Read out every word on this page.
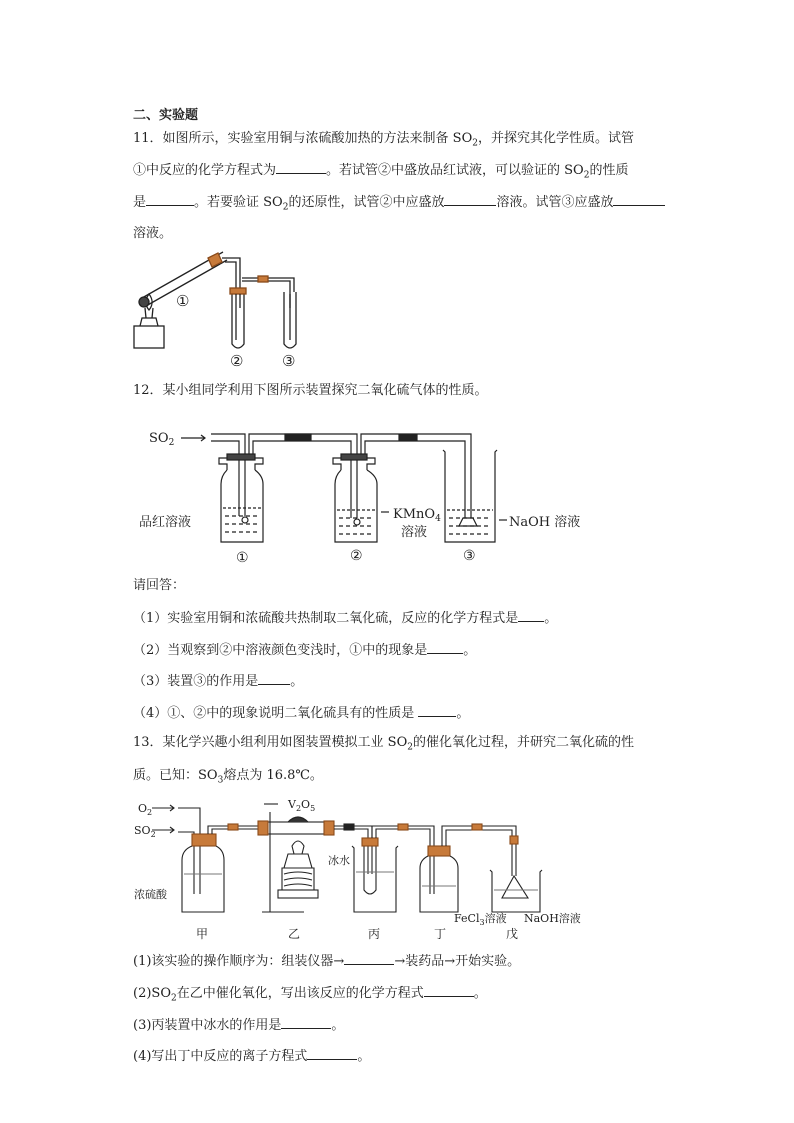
二、实验题
11．如图所示，实验室用铜与浓硫酸加热的方法来制备 $SO_2$，并探究其化学性质。试管
①中反应的化学方程式为	。若试管②中盛放品红试液，可以验证的 $SO_2$的性质
是	。若要验证 $SO_2$的还原性，试管②中应盛放	溶液。试管③应盛放
溶液。
①
②	③
12．某小组同学利用下图所示装置探究二氧化硫气体的性质。
$SO_2$
品红溶液
KMnO$_4$
溶液
NaOH 溶液
①	②	③
请回答：
（1）实验室用铜和浓硫酸共热制取二氧化硫，反应的化学方程式是 。
（2）当观察到②中溶液颜色变浅时，①中的现象是	。
（3）装置③的作用是 。
（4）①、②中的现象说明二氧化硫具有的性质是	。
13．某化学兴趣小组利用如图装置模拟工业 $SO_2$的催化氧化过程，并研究二氧化硫的性
质。已知：$SO_3$熔点为 16.8℃。
$O_2$
$SO_2$
$V_2O_5$
浓硫酸
冰水
FeCl$_3$溶液 NaOH溶液
甲	乙	丙	丁	戊
(1)该实验的操作顺序为：组装仪器→	→装药品→开始实验。
$(2)SO_2$在乙中催化氧化，写出该反应的化学方程式	。
(3)丙装置中冰水的作用是	。
(4)写出丁中反应的离子方程式	。
